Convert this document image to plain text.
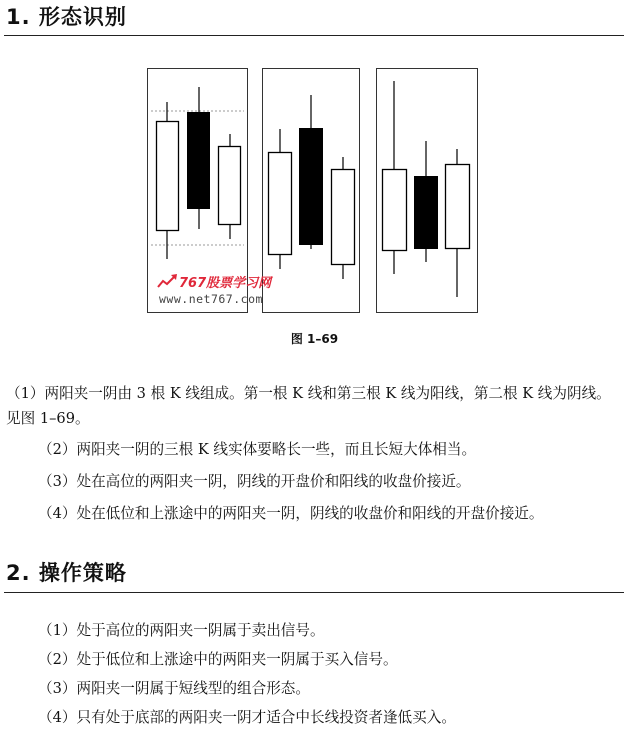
1. 形态识别
767股票学习网
www.net767.com
图 1–69
（1）两阳夹一阴由 3 根 K 线组成。第一根 K 线和第三根 K 线为阳线，第二根 K 线为阴线。见图 1–69。
（2）两阳夹一阴的三根 K 线实体要略长一些，而且长短大体相当。
（3）处在高位的两阳夹一阴，阴线的开盘价和阳线的收盘价接近。
（4）处在低位和上涨途中的两阳夹一阴，阴线的收盘价和阳线的开盘价接近。
2. 操作策略
（1）处于高位的两阳夹一阴属于卖出信号。
（2）处于低位和上涨途中的两阳夹一阴属于买入信号。
（3）两阳夹一阴属于短线型的组合形态。
（4）只有处于底部的两阳夹一阴才适合中长线投资者逢低买入。
